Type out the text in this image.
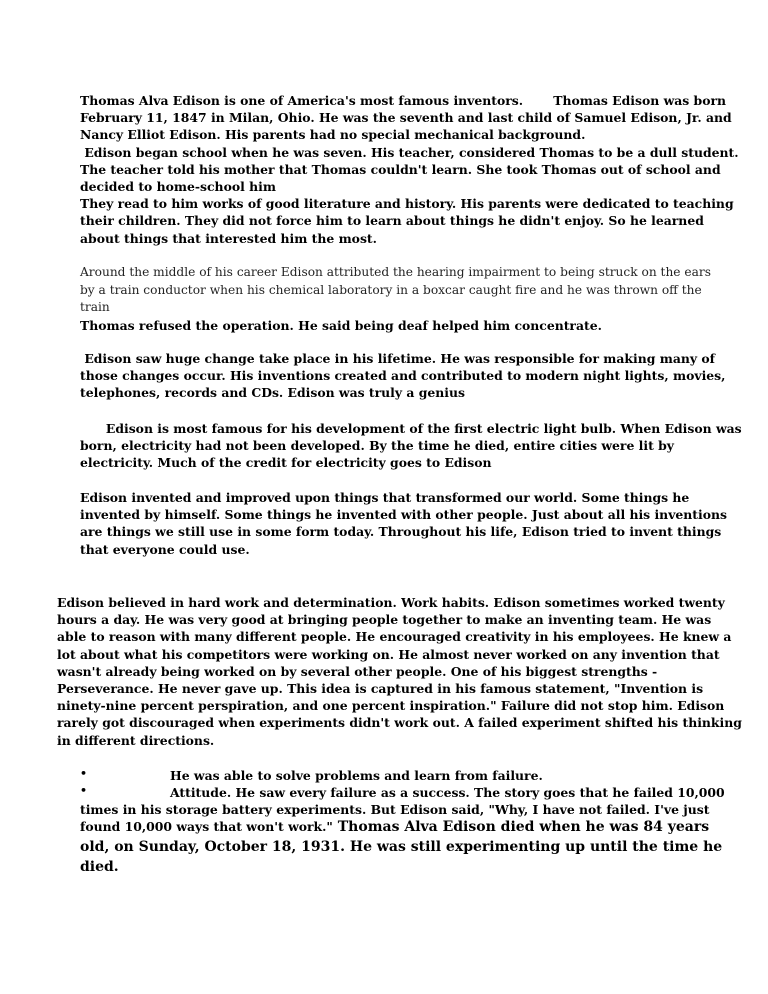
Thomas Alva Edison is one of America's most famous inventors.       Thomas Edison was born
February 11, 1847 in Milan, Ohio. He was the seventh and last child of Samuel Edison, Jr. and
Nancy Elliot Edison. His parents had no special mechanical background.
Edison began school when he was seven. His teacher, considered Thomas to be a dull student.
The teacher told his mother that Thomas couldn't learn. She took Thomas out of school and
decided to home-school him
They read to him works of good literature and history. His parents were dedicated to teaching
their children. They did not force him to learn about things he didn't enjoy. So he learned
about things that interested him the most.
Around the middle of his career Edison attributed the hearing impairment to being struck on the ears
by a train conductor when his chemical laboratory in a boxcar caught fire and he was thrown off the
train
Thomas refused the operation. He said being deaf helped him concentrate.
Edison saw huge change take place in his lifetime. He was responsible for making many of
those changes occur. His inventions created and contributed to modern night lights, movies,
telephones, records and CDs. Edison was truly a genius
Edison is most famous for his development of the first electric light bulb. When Edison was
born, electricity had not been developed. By the time he died, entire cities were lit by
electricity. Much of the credit for electricity goes to Edison
Edison invented and improved upon things that transformed our world. Some things he
invented by himself. Some things he invented with other people. Just about all his inventions
are things we still use in some form today. Throughout his life, Edison tried to invent things
that everyone could use.
Edison believed in hard work and determination. Work habits. Edison sometimes worked twenty
hours a day. He was very good at bringing people together to make an inventing team. He was
able to reason with many different people. He encouraged creativity in his employees. He knew a
lot about what his competitors were working on. He almost never worked on any invention that
wasn't already being worked on by several other people. One of his biggest strengths -
Perseverance. He never gave up. This idea is captured in his famous statement, "Invention is
ninety-nine percent perspiration, and one percent inspiration." Failure did not stop him. Edison
rarely got discouraged when experiments didn't work out. A failed experiment shifted his thinking
in different directions.
•	He was able to solve problems and learn from failure.
•	Attitude. He saw every failure as a success. The story goes that he failed 10,000
times in his storage battery experiments. But Edison said, "Why, I have not failed. I've just
found 10,000 ways that won't work." Thomas Alva Edison died when he was 84 years
old, on Sunday, October 18, 1931. He was still experimenting up until the time he
died.
